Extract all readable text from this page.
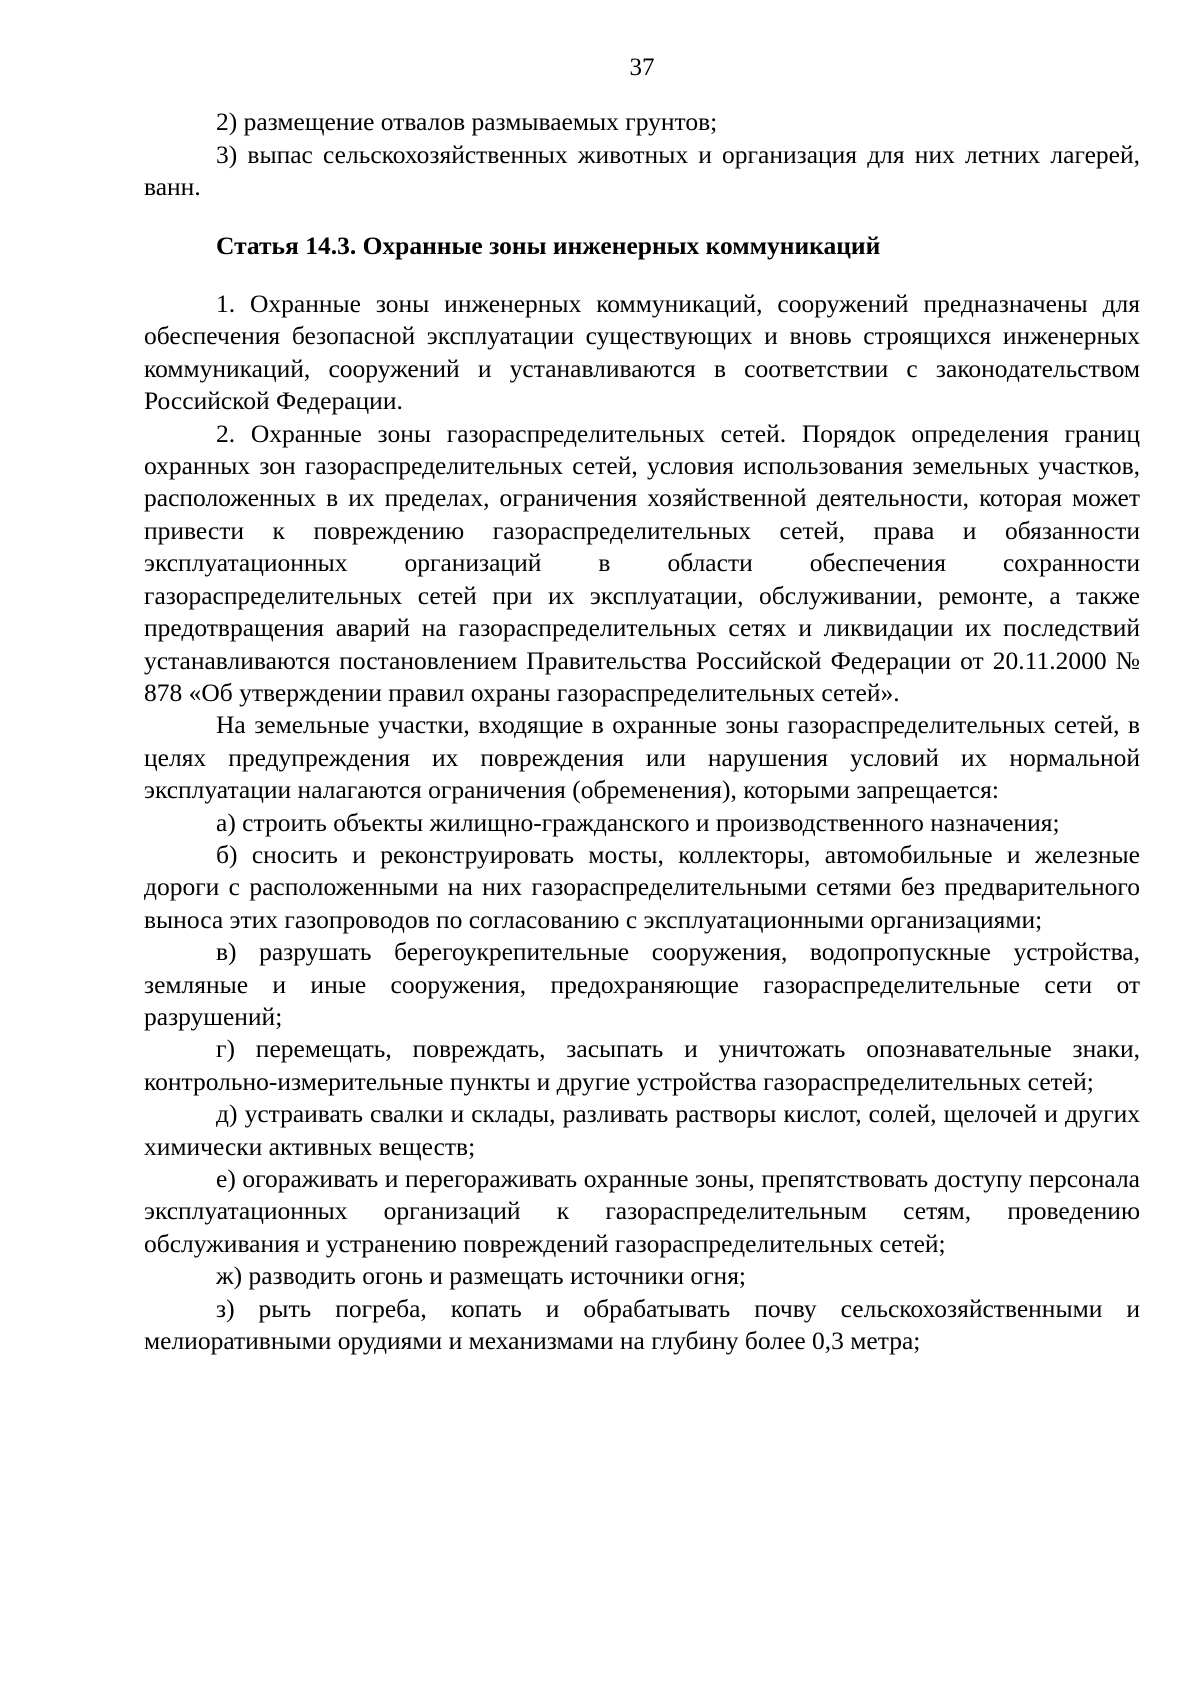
37

2) размещение отвалов размываемых грунтов;

3) выпас сельскохозяйственных животных и организация для них летних лагерей, ванн.

Статья 14.3. Охранные зоны инженерных коммуникаций

1. Охранные зоны инженерных коммуникаций, сооружений предназначены для обеспечения безопасной эксплуатации существующих и вновь строящихся инженерных коммуникаций, сооружений и устанавливаются в соответствии с законодательством Российской Федерации.

2. Охранные зоны газораспределительных сетей. Порядок определения границ охранных зон газораспределительных сетей, условия использования земельных участков, расположенных в их пределах, ограничения хозяйственной деятельности, которая может привести к повреждению газораспределительных сетей, права и обязанности эксплуатационных организаций в области обеспечения сохранности газораспределительных сетей при их эксплуатации, обслуживании, ремонте, а также предотвращения аварий на газораспределительных сетях и ликвидации их последствий устанавливаются постановлением Правительства Российской Федерации от 20.11.2000 № 878 «Об утверждении правил охраны газораспределительных сетей».

На земельные участки, входящие в охранные зоны газораспределительных сетей, в целях предупреждения их повреждения или нарушения условий их нормальной эксплуатации налагаются ограничения (обременения), которыми запрещается:

а) строить объекты жилищно-гражданского и производственного назначения;

б) сносить и реконструировать мосты, коллекторы, автомобильные и железные дороги с расположенными на них газораспределительными сетями без предварительного выноса этих газопроводов по согласованию с эксплуатационными организациями;

в) разрушать берегоукрепительные сооружения, водопропускные устройства, земляные и иные сооружения, предохраняющие газораспределительные сети от разрушений;

г) перемещать, повреждать, засыпать и уничтожать опознавательные знаки, контрольно-измерительные пункты и другие устройства газораспределительных сетей;

д) устраивать свалки и склады, разливать растворы кислот, солей, щелочей и других химически активных веществ;

е) огораживать и перегораживать охранные зоны, препятствовать доступу персонала эксплуатационных организаций к газораспределительным сетям, проведению обслуживания и устранению повреждений газораспределительных сетей;

ж) разводить огонь и размещать источники огня;

з) рыть погреба, копать и обрабатывать почву сельскохозяйственными и мелиоративными орудиями и механизмами на глубину более 0,3 метра;
